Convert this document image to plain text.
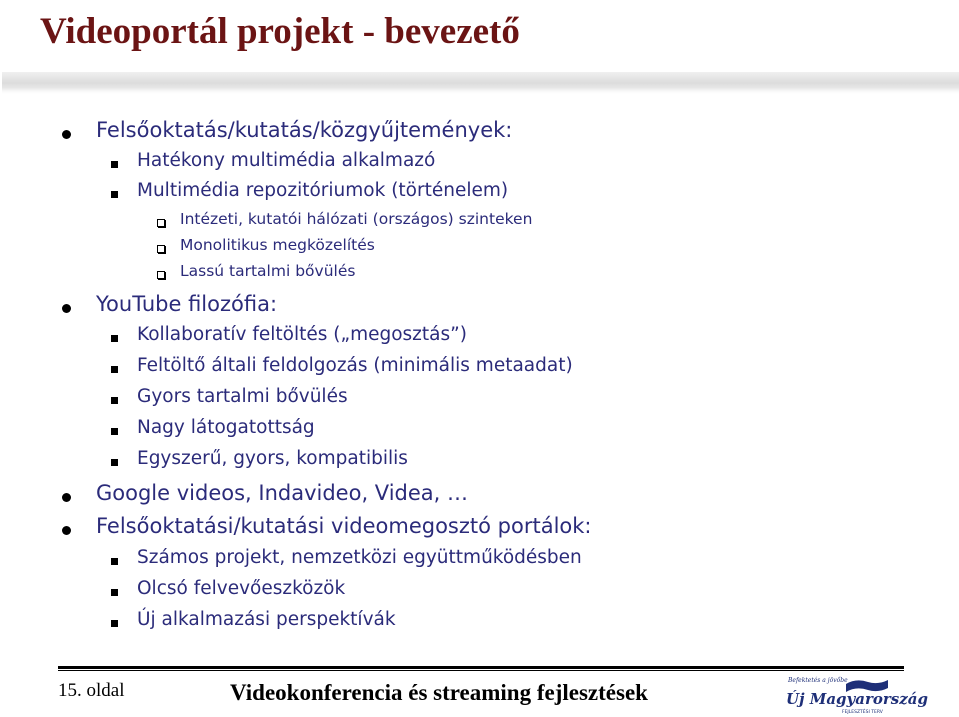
Videoportál projekt - bevezető
Felsőoktatás/kutatás/közgyűjtemények:
Hatékony multimédia alkalmazó
Multimédia repozitóriumok (történelem)
Intézeti, kutatói hálózati (országos) szinteken
Monolitikus megközelítés
Lassú tartalmi bővülés
YouTube filozófia:
Kollaboratív feltöltés („megosztás”)
Feltöltő általi feldolgozás (minimális metaadat)
Gyors tartalmi bővülés
Nagy látogatottság
Egyszerű, gyors, kompatibilis
Google videos, Indavideo, Videa, …
Felsőoktatási/kutatási videomegosztó portálok:
Számos projekt, nemzetközi együttműködésben
Olcsó felvevőeszközök
Új alkalmazási perspektívák
15. oldal	Videokonferencia és streaming fejlesztések	Befektetés a jövőbe
Új Magyarország
FEJLESZTÉSI TERV
